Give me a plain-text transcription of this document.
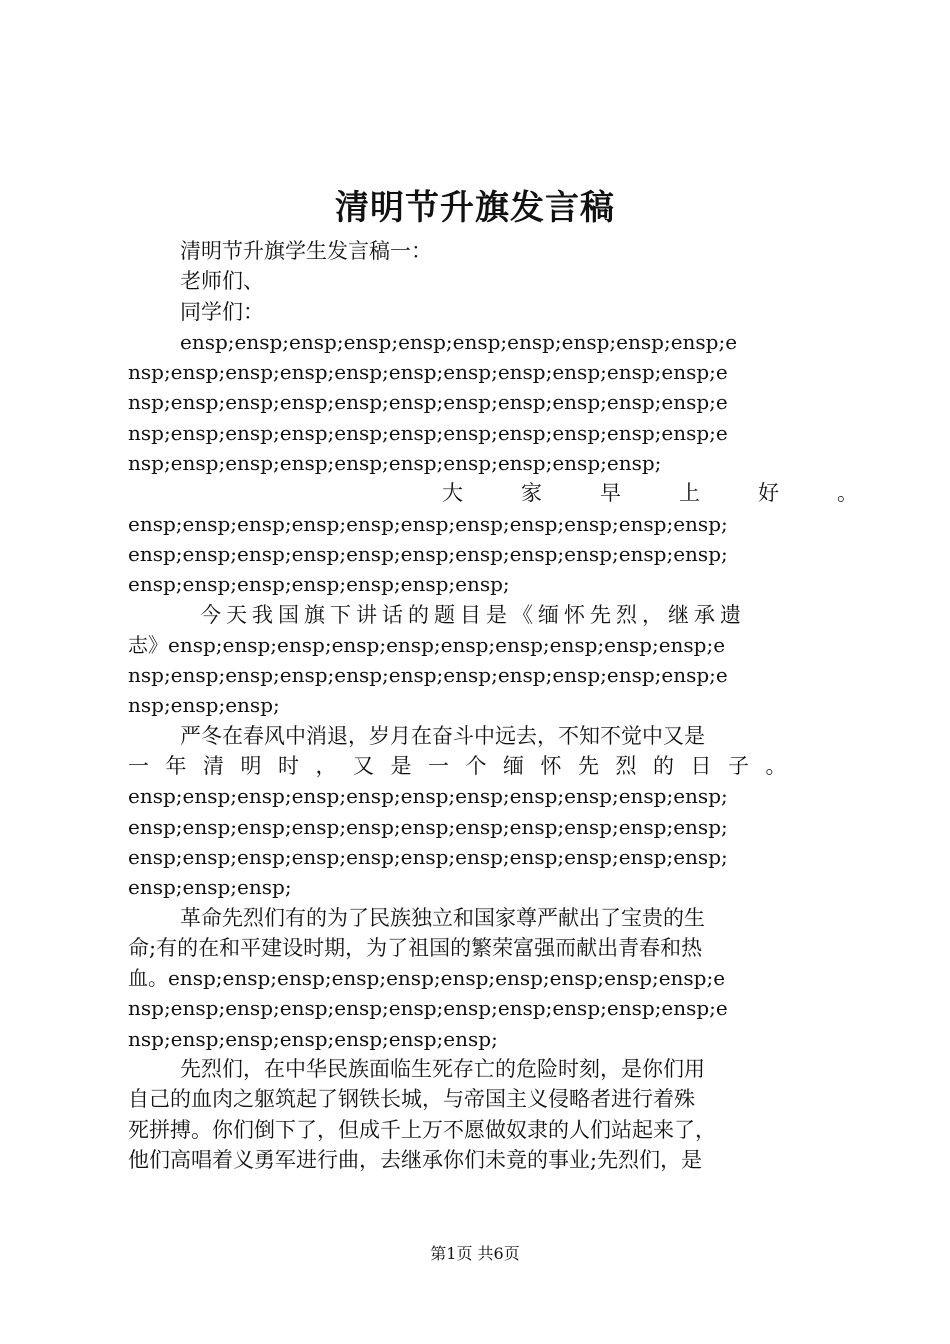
清明节升旗发言稿
清明节升旗学生发言稿一：
老师们、
同学们：
ensp;ensp;ensp;ensp;ensp;ensp;ensp;ensp;ensp;ensp;e
nsp;ensp;ensp;ensp;ensp;ensp;ensp;ensp;ensp;ensp;ensp;e
nsp;ensp;ensp;ensp;ensp;ensp;ensp;ensp;ensp;ensp;ensp;e
nsp;ensp;ensp;ensp;ensp;ensp;ensp;ensp;ensp;ensp;ensp;e
nsp;ensp;ensp;ensp;ensp;ensp;ensp;ensp;ensp;ensp;
大家早上好。
ensp;ensp;ensp;ensp;ensp;ensp;ensp;ensp;ensp;ensp;ensp;
ensp;ensp;ensp;ensp;ensp;ensp;ensp;ensp;ensp;ensp;ensp;
ensp;ensp;ensp;ensp;ensp;ensp;ensp;
今天我国旗下讲话的题目是《缅怀先烈，继承遗
志》ensp;ensp;ensp;ensp;ensp;ensp;ensp;ensp;ensp;ensp;e
nsp;ensp;ensp;ensp;ensp;ensp;ensp;ensp;ensp;ensp;ensp;e
nsp;ensp;ensp;
严冬在春风中消退，岁月在奋斗中远去，不知不觉中又是
一年清明时，又是一个缅怀先烈的日子。
ensp;ensp;ensp;ensp;ensp;ensp;ensp;ensp;ensp;ensp;ensp;
ensp;ensp;ensp;ensp;ensp;ensp;ensp;ensp;ensp;ensp;ensp;
ensp;ensp;ensp;ensp;ensp;ensp;ensp;ensp;ensp;ensp;ensp;
ensp;ensp;ensp;
革命先烈们有的为了民族独立和国家尊严献出了宝贵的生
命;有的在和平建设时期，为了祖国的繁荣富强而献出青春和热
血。ensp;ensp;ensp;ensp;ensp;ensp;ensp;ensp;ensp;ensp;e
nsp;ensp;ensp;ensp;ensp;ensp;ensp;ensp;ensp;ensp;ensp;e
nsp;ensp;ensp;ensp;ensp;ensp;ensp;
先烈们，在中华民族面临生死存亡的危险时刻，是你们用
自己的血肉之躯筑起了钢铁长城，与帝国主义侵略者进行着殊
死拼搏。你们倒下了，但成千上万不愿做奴隶的人们站起来了，
他们高唱着义勇军进行曲，去继承你们未竟的事业;先烈们，是
第1页 共6页
